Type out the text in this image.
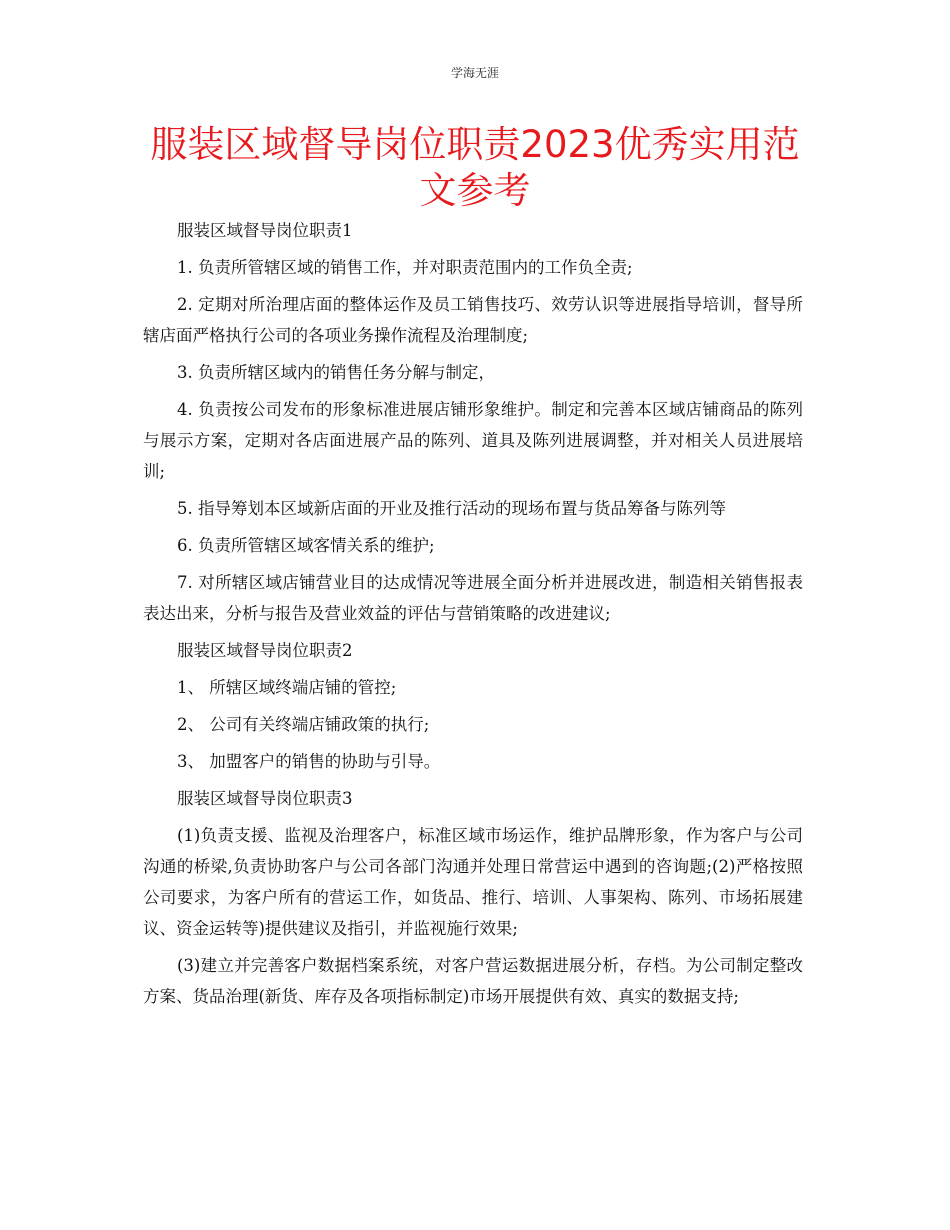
学海无涯
服装区域督导岗位职责2023优秀实用范文参考

服装区域督导岗位职责1

1. 负责所管辖区域的销售工作，并对职责范围内的工作负全责;

2. 定期对所治理店面的整体运作及员工销售技巧、效劳认识等进展指导培训，督导所辖店面严格执行公司的各项业务操作流程及治理制度;

3. 负责所辖区域内的销售任务分解与制定，

4. 负责按公司发布的形象标准进展店铺形象维护。制定和完善本区域店铺商品的陈列与展示方案，定期对各店面进展产品的陈列、道具及陈列进展调整，并对相关人员进展培训;

5. 指导筹划本区域新店面的开业及推行活动的现场布置与货品筹备与陈列等

6. 负责所管辖区域客情关系的维护;

7. 对所辖区域店铺营业目的达成情况等进展全面分析并进展改进，制造相关销售报表表达出来，分析与报告及营业效益的评估与营销策略的改进建议;

服装区域督导岗位职责2

1、 所辖区域终端店铺的管控;

2、 公司有关终端店铺政策的执行;

3、 加盟客户的销售的协助与引导。

服装区域督导岗位职责3

(1)负责支援、监视及治理客户，标准区域市场运作，维护品牌形象，作为客户与公司沟通的桥梁,负责协助客户与公司各部门沟通并处理日常营运中遇到的咨询题;(2)严格按照公司要求，为客户所有的营运工作，如货品、推行、培训、人事架构、陈列、市场拓展建议、资金运转等)提供建议及指引，并监视施行效果;

(3)建立并完善客户数据档案系统，对客户营运数据进展分析，存档。为公司制定整改方案、货品治理(新货、库存及各项指标制定)市场开展提供有效、真实的数据支持;
